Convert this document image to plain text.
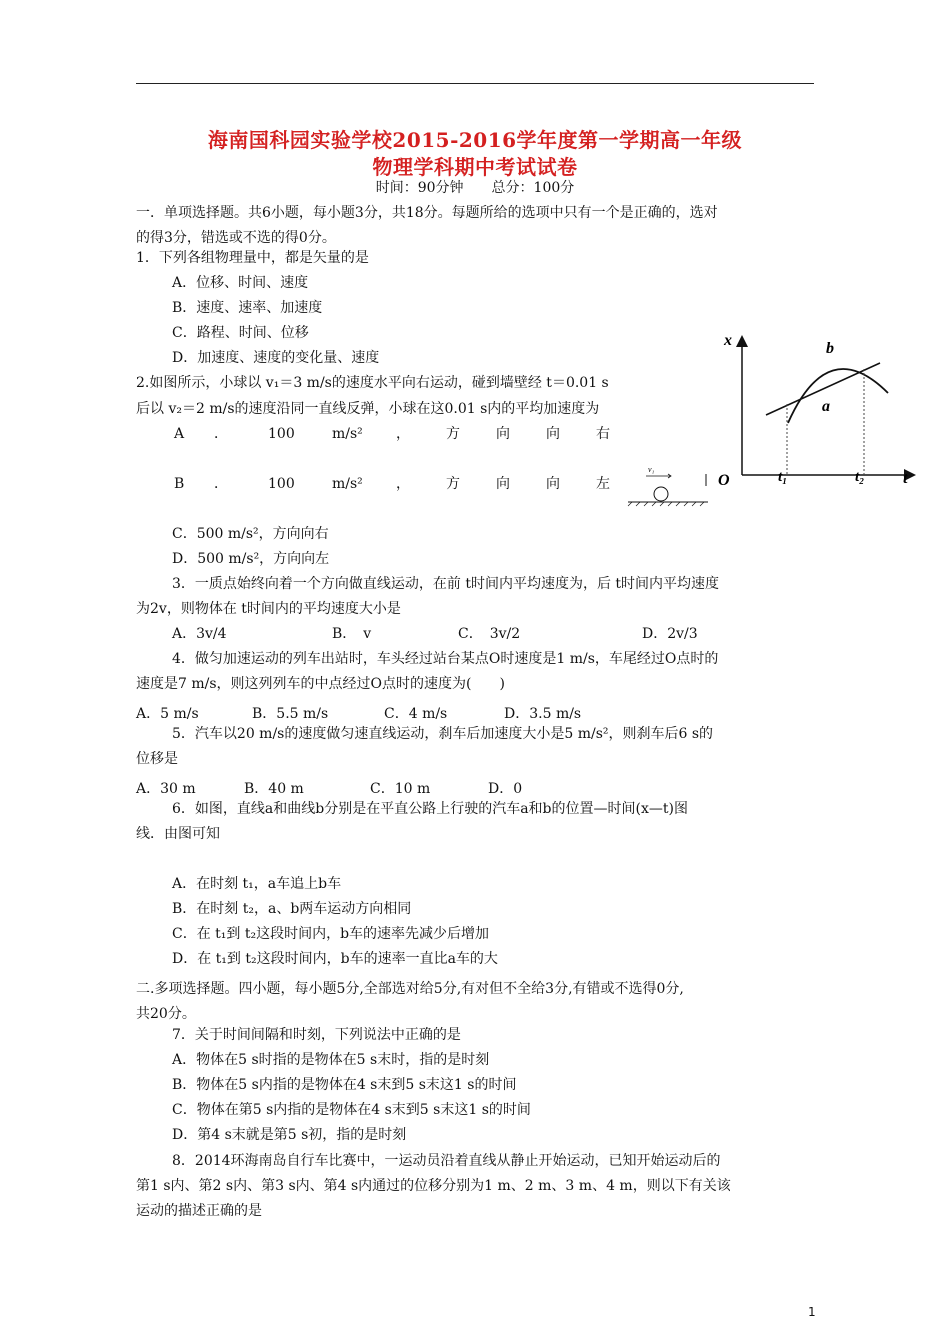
海南国科园实验学校2015-2016学年度第一学期高一年级
物理学科期中考试试卷
时间：90分钟　　总分：100分
一．单项选择题。共6小题，每小题3分，共18分。每题所给的选项中只有一个是正确的，选对
的得3分，错选或不选的得0分。
1．下列各组物理量中，都是矢量的是
A．位移、时间、速度
B．速度、速率、加速度
C．路程、时间、位移
D．加速度、速度的变化量、速度
2.如图所示，小球以 v₁＝3 m/s的速度水平向右运动，碰到墙壁经 t＝0.01 s
后以 v₂＝2 m/s的速度沿同一直线反弹，小球在这0.01 s内的平均加速度为
A ．	100	m/s² ，	方	向	向	右
B ．	100	m/s² ，	方	向	向	左
C．500 m/s²，方向向右
D．500 m/s²，方向向左
3．一质点始终向着一个方向做直线运动，在前 t时间内平均速度为，后 t时间内平均速度
为2v，则物体在 t时间内的平均速度大小是
A．3v/4	B．　v	C．　3v/2	D．2v/3
4．做匀加速运动的列车出站时，车头经过站台某点O时速度是1 m/s，车尾经过O点时的
速度是7 m/s，则这列列车的中点经过O点时的速度为(　　)
A．5 m/s	B．5.5 m/s	C．4 m/s	D．3.5 m/s
5．汽车以20 m/s的速度做匀速直线运动，刹车后加速度大小是5 m/s²，则刹车后6 s的
位移是
A．30 m	B．40 m	C．10 m	D．0
6．如图，直线a和曲线b分别是在平直公路上行驶的汽车a和b的位置—时间(x—t)图
线．由图可知
A．在时刻 t₁，a车追上b车
B．在时刻 t₂，a、b两车运动方向相同
C．在 t₁到 t₂这段时间内，b车的速率先减少后增加
D．在 t₁到 t₂这段时间内，b车的速率一直比a车的大
二.多项选择题。四小题，每小题5分,全部选对给5分,有对但不全给3分,有错或不选得0分,
共20分。
7．关于时间间隔和时刻，下列说法中正确的是
A．物体在5 s时指的是物体在5 s末时，指的是时刻
B．物体在5 s内指的是物体在4 s末到5 s末这1 s的时间
C．物体在第5 s内指的是物体在4 s末到5 s末这1 s的时间
D．第4 s末就是第5 s初，指的是时刻
8．2014环海南岛自行车比赛中，一运动员沿着直线从静止开始运动，已知开始运动后的
第1 s内、第2 s内、第3 s内、第4 s内通过的位移分别为1 m、2 m、3 m、4 m，则以下有关该
运动的描述正确的是
x
t
O
b
a
t₁	t₂
v₁
1
